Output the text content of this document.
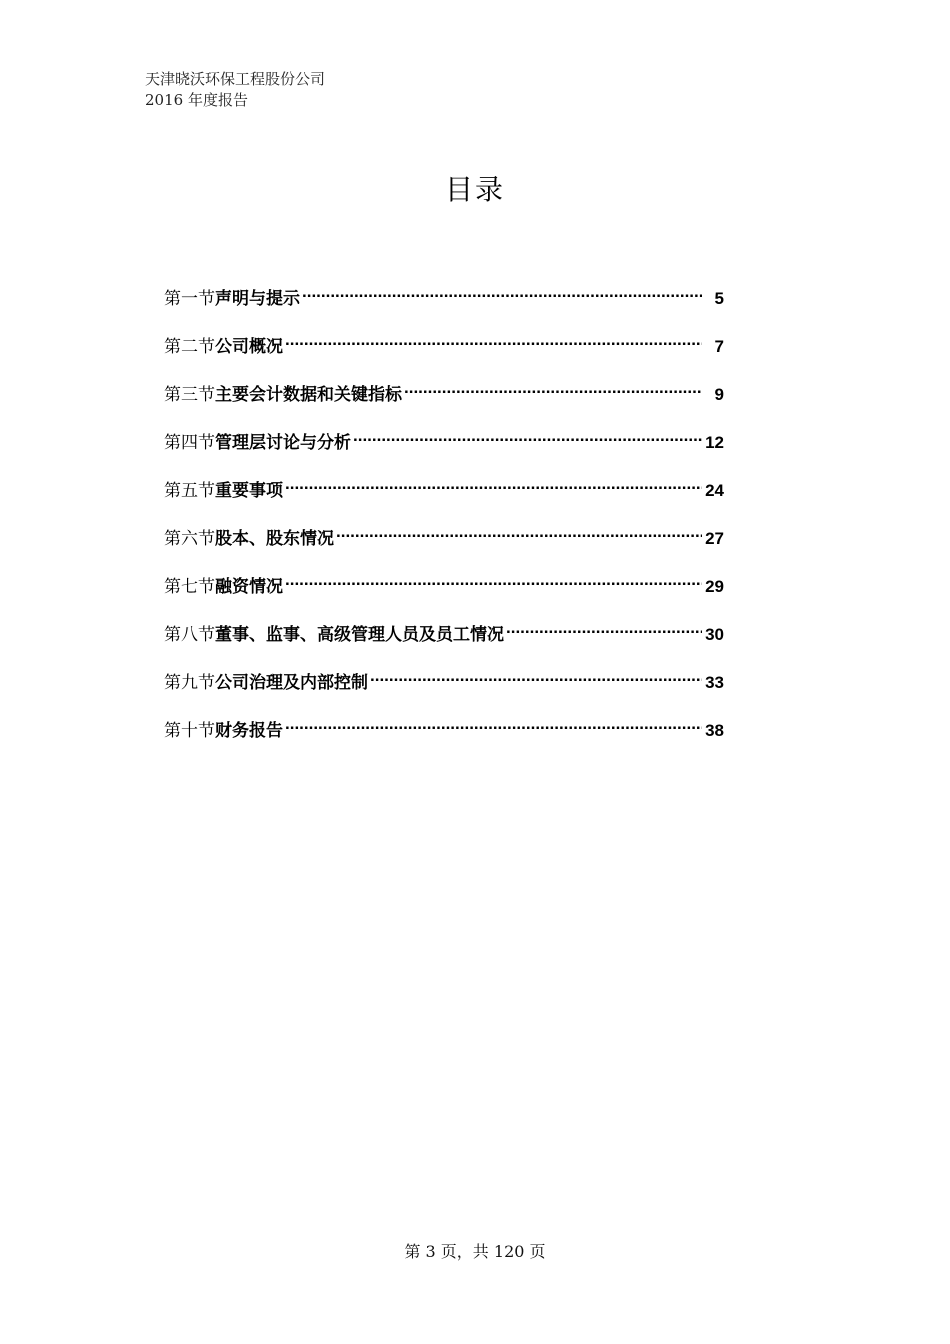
天津晓沃环保工程股份公司
2016 年度报告
目录
第一节 声明与提示 .....	5
第二节 公司概况 .....	7
第三节 主要会计数据和关键指标 .....	9
第四节 管理层讨论与分析 .....	12
第五节 重要事项 .....	24
第六节 股本、股东情况 .....	27
第七节 融资情况 .....	29
第八节 董事、监事、高级管理人员及员工情况 .....	30
第九节 公司治理及内部控制 .....	33
第十节 财务报告 .....	38
第 3 页，共 120 页
